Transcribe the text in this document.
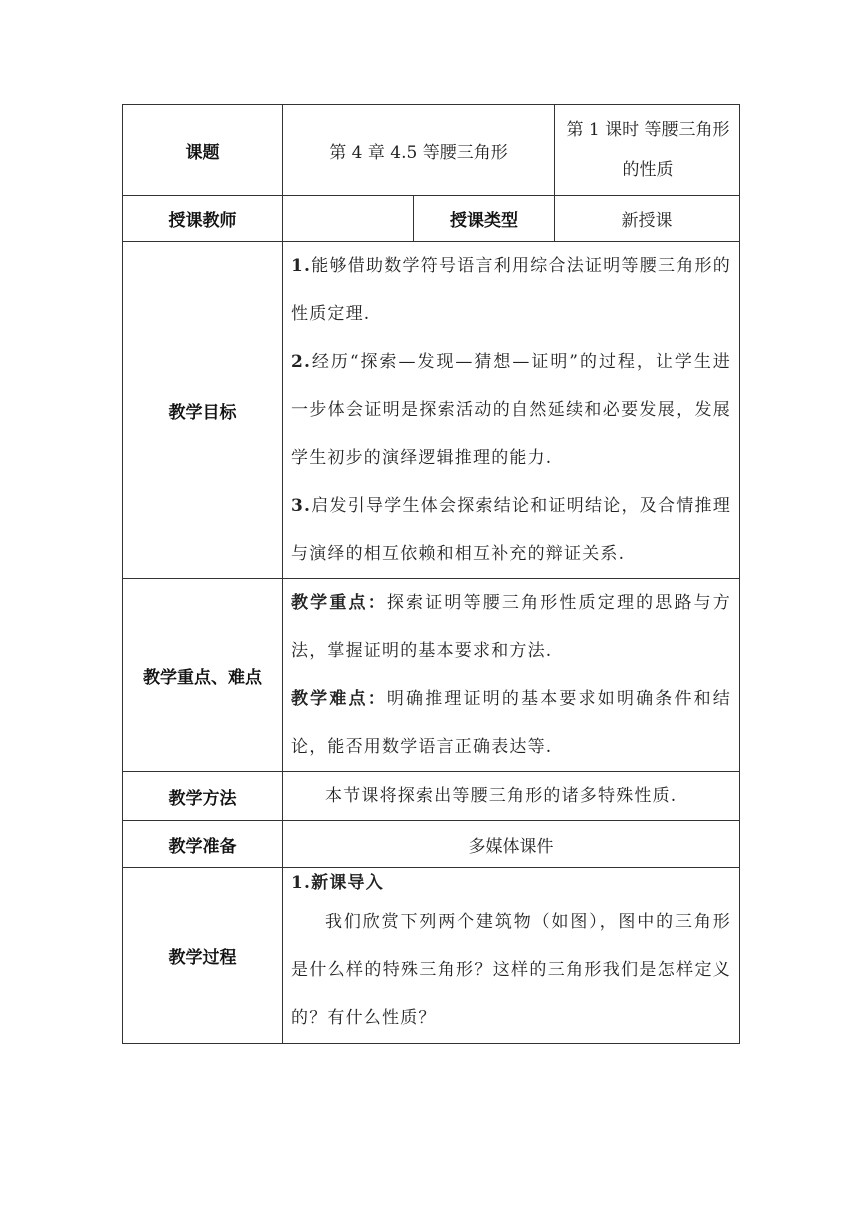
课题	第 4 章 4.5 等腰三角形		第 1 课时 等腰三角形的性质
授课教师		授课类型	新授课
教学目标	1.能够借助数学符号语言利用综合法证明等腰三角形的性质定理.

2.经历“探索—发现—猜想—证明”的过程，让学生进一步体会证明是探索活动的自然延续和必要发展，发展学生初步的演绎逻辑推理的能力.

3.启发引导学生体会探索结论和证明结论，及合情推理与演绎的相互依赖和相互补充的辩证关系.		

教学重点、难点	教学重点：探索证明等腰三角形性质定理的思路与方法，掌握证明的基本要求和方法.

教学难点：明确推理证明的基本要求如明确条件和结论，能否用数学语言正确表达等.		

教学方法	本节课将探索出等腰三角形的诸多特殊性质.		

教学准备	多媒体课件		
教学过程	1.新课导入

我们欣赏下列两个建筑物（如图），图中的三角形是什么样的特殊三角形？这样的三角形我们是怎样定义的？有什么性质？		
